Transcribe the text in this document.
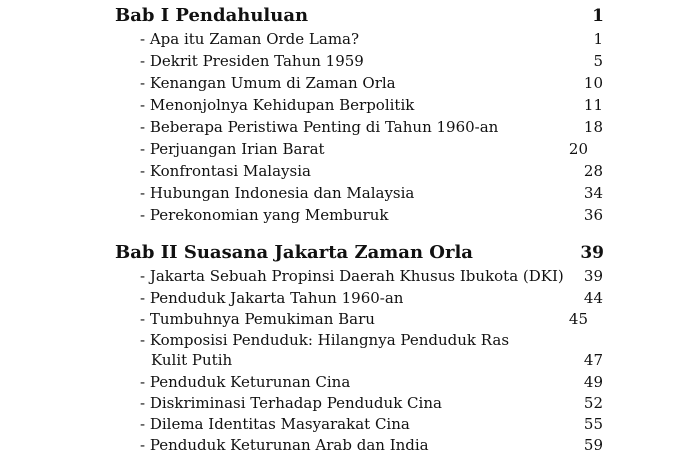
Bab I Pendahuluan	1
- Apa itu Zaman Orde Lama?	1
- Dekrit Presiden Tahun 1959	5
- Kenangan Umum di Zaman Orla	10
- Menonjolnya Kehidupan Berpolitik	11
- Beberapa Peristiwa Penting di Tahun 1960-an	18
- Perjuangan Irian Barat	20
- Konfrontasi Malaysia	28
- Hubungan Indonesia dan Malaysia	34
- Perekonomian yang Memburuk	36
Bab II Suasana Jakarta Zaman Orla	39
- Jakarta Sebuah Propinsi Daerah Khusus Ibukota (DKI) 39
- Penduduk Jakarta Tahun 1960-an	44
- Tumbuhnya Pemukiman Baru	45
- Komposisi Penduduk: Hilangnya Penduduk Ras
Kulit Putih	47
- Penduduk Keturunan Cina	49
- Diskriminasi Terhadap Penduduk Cina	52
- Dilema Identitas Masyarakat Cina	55
- Penduduk Keturunan Arab dan India	59
